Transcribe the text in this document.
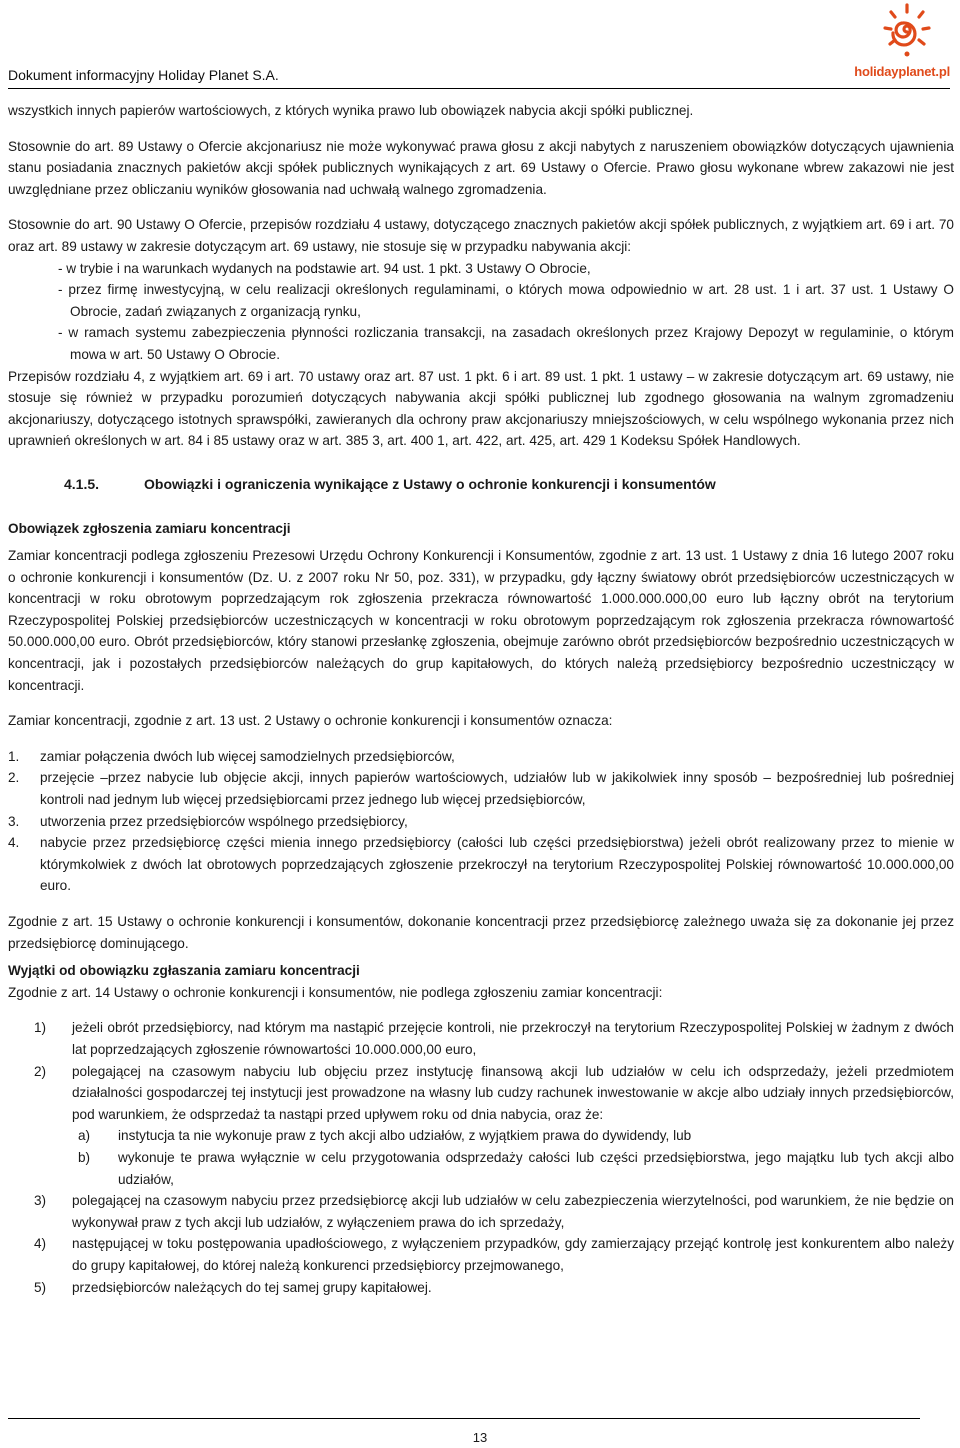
Dokument informacyjny Holiday Planet S.A.	holidayplanet.pl

wszystkich innych papierów wartościowych, z których wynika prawo lub obowiązek nabycia akcji spółki publicznej.

Stosownie do art. 89 Ustawy o Ofercie akcjonariusz nie może wykonywać prawa głosu z akcji nabytych z naruszeniem obowiązków dotyczących ujawnienia stanu posiadania znacznych pakietów akcji spółek publicznych wynikających z art. 69 Ustawy o Ofercie. Prawo głosu wykonane wbrew zakazowi nie jest uwzględniane przez obliczaniu wyników głosowania nad uchwałą walnego zgromadzenia.

Stosownie do art. 90 Ustawy O Ofercie, przepisów rozdziału 4 ustawy, dotyczącego znacznych pakietów akcji spółek publicznych, z wyjątkiem art. 69 i art. 70 oraz art. 89 ustawy w zakresie dotyczącym art. 69 ustawy, nie stosuje się w przypadku nabywania akcji:

- w trybie i na warunkach wydanych na podstawie art. 94 ust. 1 pkt. 3 Ustawy O Obrocie,

- przez firmę inwestycyjną, w celu realizacji określonych regulaminami, o których mowa odpowiednio w art. 28 ust. 1 i art. 37 ust. 1 Ustawy O Obrocie, zadań związanych z organizacją rynku,

- w ramach systemu zabezpieczenia płynności rozliczania transakcji, na zasadach określonych przez Krajowy Depozyt w regulaminie, o którym mowa w art. 50 Ustawy O Obrocie.

Przepisów rozdziału 4, z wyjątkiem art. 69 i art. 70 ustawy oraz art. 87 ust. 1 pkt. 6 i art. 89 ust. 1 pkt. 1 ustawy – w zakresie dotyczącym art. 69 ustawy, nie stosuje się również w przypadku porozumień dotyczących nabywania akcji spółki publicznej lub zgodnego głosowania na walnym zgromadzeniu akcjonariuszy, dotyczącego istotnych sprawspółki, zawieranych dla ochrony praw akcjonariuszy mniejszościowych, w celu wspólnego wykonania przez nich uprawnień określonych w art. 84 i 85 ustawy oraz w art. 385 3, art. 400 1, art. 422, art. 425, art. 429 1 Kodeksu Spółek Handlowych.

4.1.5.	Obowiązki i ograniczenia wynikające z Ustawy o ochronie konkurencji i konsumentów

Obowiązek zgłoszenia zamiaru koncentracji

Zamiar koncentracji podlega zgłoszeniu Prezesowi Urzędu Ochrony Konkurencji i Konsumentów, zgodnie z art. 13 ust. 1 Ustawy z dnia 16 lutego 2007 roku o ochronie konkurencji i konsumentów (Dz. U. z 2007 roku Nr 50, poz. 331), w przypadku, gdy łączny światowy obrót przedsiębiorców uczestniczących w koncentracji w roku obrotowym poprzedzającym rok zgłoszenia przekracza równowartość 1.000.000.000,00 euro lub łączny obrót na terytorium Rzeczypospolitej Polskiej przedsiębiorców uczestniczących w koncentracji w roku obrotowym poprzedzającym rok zgłoszenia przekracza równowartość 50.000.000,00 euro. Obrót przedsiębiorców, który stanowi przesłankę zgłoszenia, obejmuje zarówno obrót przedsiębiorców bezpośrednio uczestniczących w koncentracji, jak i pozostałych przedsiębiorców należących do grup kapitałowych, do których należą przedsiębiorcy bezpośrednio uczestniczący w koncentracji.

Zamiar koncentracji, zgodnie z art. 13 ust. 2 Ustawy o ochronie konkurencji i konsumentów oznacza:

1.	zamiar połączenia dwóch lub więcej samodzielnych przedsiębiorców,
2.	przejęcie –przez nabycie lub objęcie akcji, innych papierów wartościowych, udziałów lub w jakikolwiek inny sposób – bezpośredniej lub pośredniej kontroli nad jednym lub więcej przedsiębiorcami przez jednego lub więcej przedsiębiorców,
3.	utworzenia przez przedsiębiorców wspólnego przedsiębiorcy,
4.	nabycie przez przedsiębiorcę części mienia innego przedsiębiorcy (całości lub części przedsiębiorstwa) jeżeli obrót realizowany przez to mienie w którymkolwiek z dwóch lat obrotowych poprzedzających zgłoszenie przekroczył na terytorium Rzeczypospolitej Polskiej równowartość 10.000.000,00 euro.

Zgodnie z art. 15 Ustawy o ochronie konkurencji i konsumentów, dokonanie koncentracji przez przedsiębiorcę zależnego uważa się za dokonanie jej przez przedsiębiorcę dominującego.

Wyjątki od obowiązku zgłaszania zamiaru koncentracji

Zgodnie z art. 14 Ustawy o ochronie konkurencji i konsumentów, nie podlega zgłoszeniu zamiar koncentracji:

1)	jeżeli obrót przedsiębiorcy, nad którym ma nastąpić przejęcie kontroli, nie przekroczył na terytorium Rzeczypospolitej Polskiej w żadnym z dwóch lat poprzedzających zgłoszenie równowartości 10.000.000,00 euro,
2)	polegającej na czasowym nabyciu lub objęciu przez instytucję finansową akcji lub udziałów w celu ich odsprzedaży, jeżeli przedmiotem działalności gospodarczej tej instytucji jest prowadzone na własny lub cudzy rachunek inwestowanie w akcje albo udziały innych przedsiębiorców, pod warunkiem, że odsprzedaż ta nastąpi przed upływem roku od dnia nabycia, oraz że:
a)	instytucja ta nie wykonuje praw z tych akcji albo udziałów, z wyjątkiem prawa do dywidendy, lub
b)	wykonuje te prawa wyłącznie w celu przygotowania odsprzedaży całości lub części przedsiębiorstwa, jego majątku lub tych akcji albo udziałów,
3)	polegającej na czasowym nabyciu przez przedsiębiorcę akcji lub udziałów w celu zabezpieczenia wierzytelności, pod warunkiem, że nie będzie on wykonywał praw z tych akcji lub udziałów, z wyłączeniem prawa do ich sprzedaży,
4)	następującej w toku postępowania upadłościowego, z wyłączeniem przypadków, gdy zamierzający przejąć kontrolę jest konkurentem albo należy do grupy kapitałowej, do której należą konkurenci przedsiębiorcy przejmowanego,
5)	przedsiębiorców należących do tej samej grupy kapitałowej.
13
